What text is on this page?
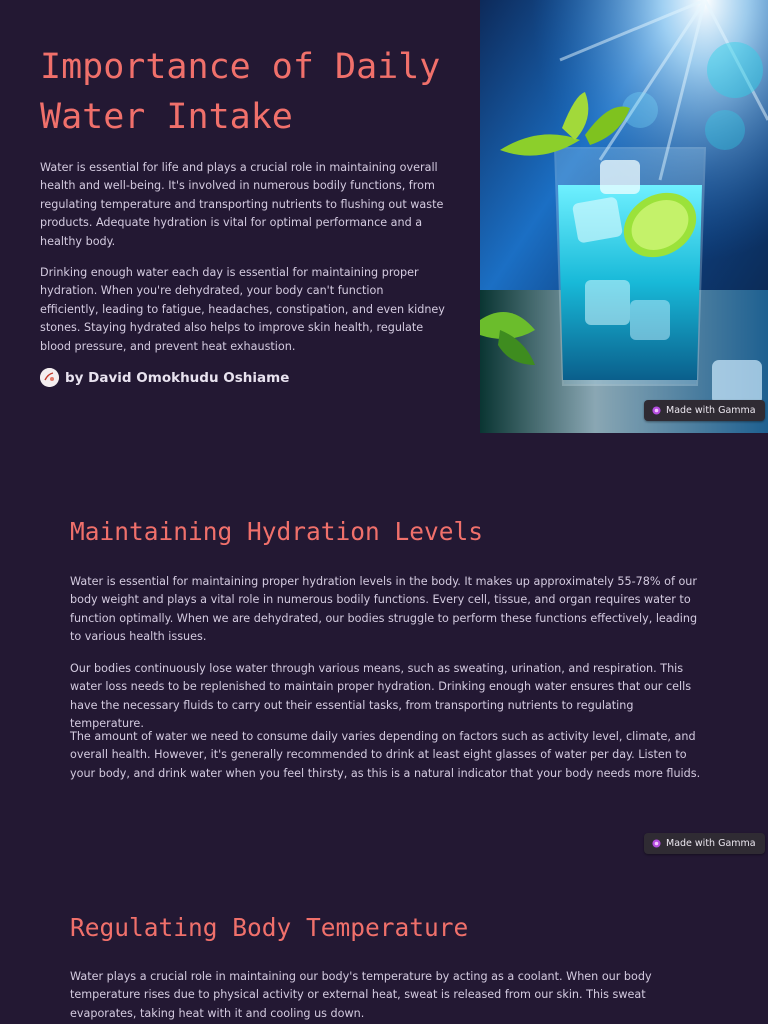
Importance of Daily Water Intake

Water is essential for life and plays a crucial role in maintaining overall health and well-being. It's involved in numerous bodily functions, from regulating temperature and transporting nutrients to flushing out waste products. Adequate hydration is vital for optimal performance and a healthy body.

Drinking enough water each day is essential for maintaining proper hydration. When you're dehydrated, your body can't function efficiently, leading to fatigue, headaches, constipation, and even kidney stones. Staying hydrated also helps to improve skin health, regulate blood pressure, and prevent heat exhaustion.

by David Omokhudu Oshiame
Made with Gamma
Maintaining Hydration Levels

Water is essential for maintaining proper hydration levels in the body. It makes up approximately 55-78% of our body weight and plays a vital role in numerous bodily functions. Every cell, tissue, and organ requires water to function optimally. When we are dehydrated, our bodies struggle to perform these functions effectively, leading to various health issues.

Our bodies continuously lose water through various means, such as sweating, urination, and respiration. This water loss needs to be replenished to maintain proper hydration. Drinking enough water ensures that our cells have the necessary fluids to carry out their essential tasks, from transporting nutrients to regulating temperature.

The amount of water we need to consume daily varies depending on factors such as activity level, climate, and overall health. However, it's generally recommended to drink at least eight glasses of water per day. Listen to your body, and drink water when you feel thirsty, as this is a natural indicator that your body needs more fluids.

Made with Gamma
Regulating Body Temperature

Water plays a crucial role in maintaining our body's temperature by acting as a coolant. When our body temperature rises due to physical activity or external heat, sweat is released from our skin. This sweat evaporates, taking heat with it and cooling us down.
